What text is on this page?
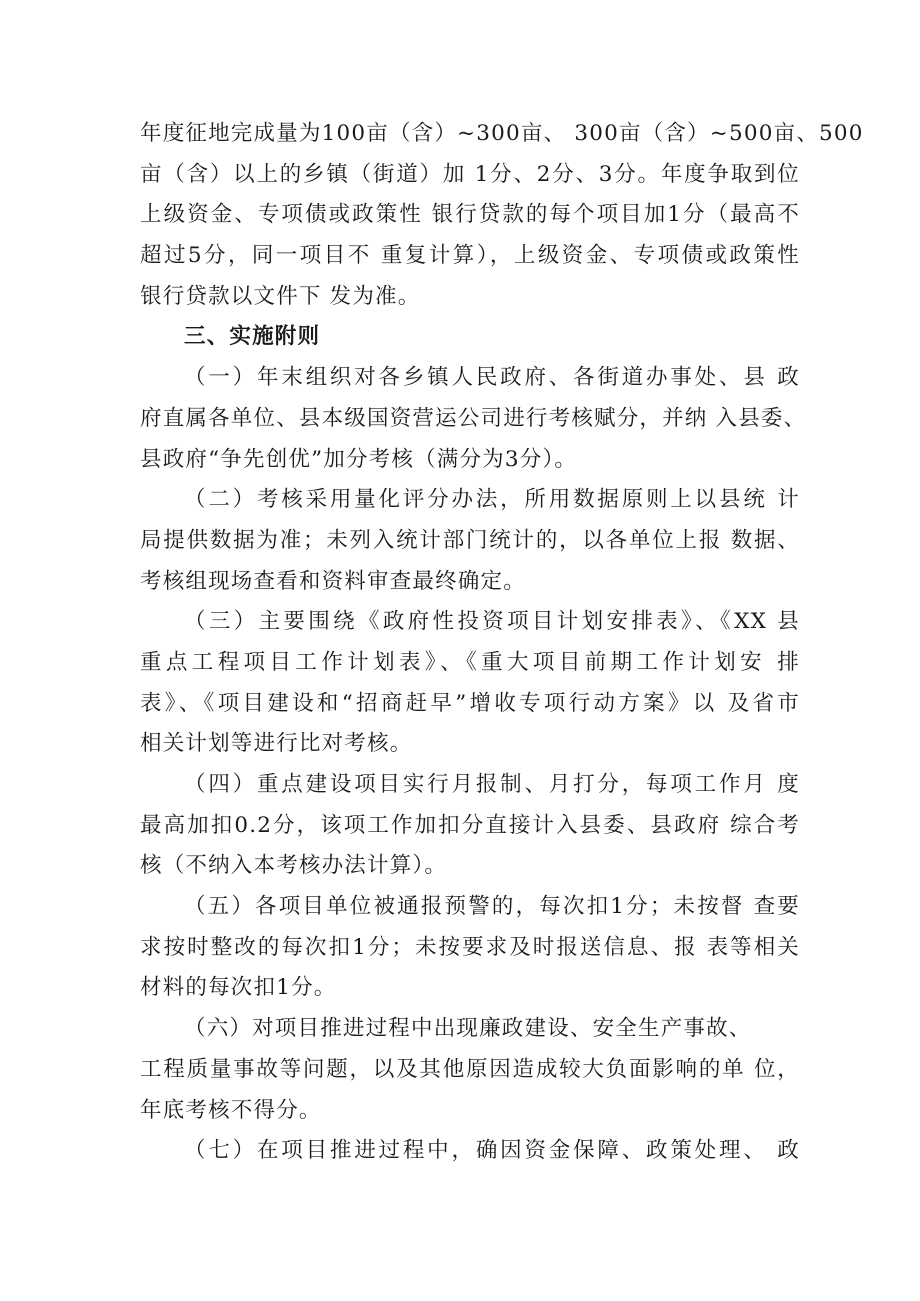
年度征地完成量为100亩（含）~300亩、 300亩（含）~500亩、500
亩（含）以上的乡镇（街道）加 1分、2分、3分。年度争取到位
上级资金、专项债或政策性 银行贷款的每个项目加1分（最高不
超过5分，同一项目不 重复计算），上级资金、专项债或政策性
银行贷款以文件下 发为准。
三、实施附则
（一）年末组织对各乡镇人民政府、各街道办事处、县 政
府直属各单位、县本级国资营运公司进行考核赋分，并纳 入县委、
县政府“争先创优”加分考核（满分为3分）。
（二）考核采用量化评分办法，所用数据原则上以县统 计
局提供数据为准；未列入统计部门统计的，以各单位上报 数据、
考核组现场查看和资料审查最终确定。
（三）主要围绕《政府性投资项目计划安排表》、《XX 县
重点工程项目工作计划表》、《重大项目前期工作计划安 排
表》、《项目建设和“招商赶早”增收专项行动方案》以 及省市
相关计划等进行比对考核。
（四）重点建设项目实行月报制、月打分，每项工作月 度
最高加扣0.2分，该项工作加扣分直接计入县委、县政府 综合考
核（不纳入本考核办法计算）。
（五）各项目单位被通报预警的，每次扣1分；未按督 查要
求按时整改的每次扣1分；未按要求及时报送信息、报 表等相关
材料的每次扣1分。
（六）对项目推进过程中出现廉政建设、安全生产事故、
工程质量事故等问题，以及其他原因造成较大负面影响的单 位，
年底考核不得分。
（七）在项目推进过程中，确因资金保障、政策处理、 政
